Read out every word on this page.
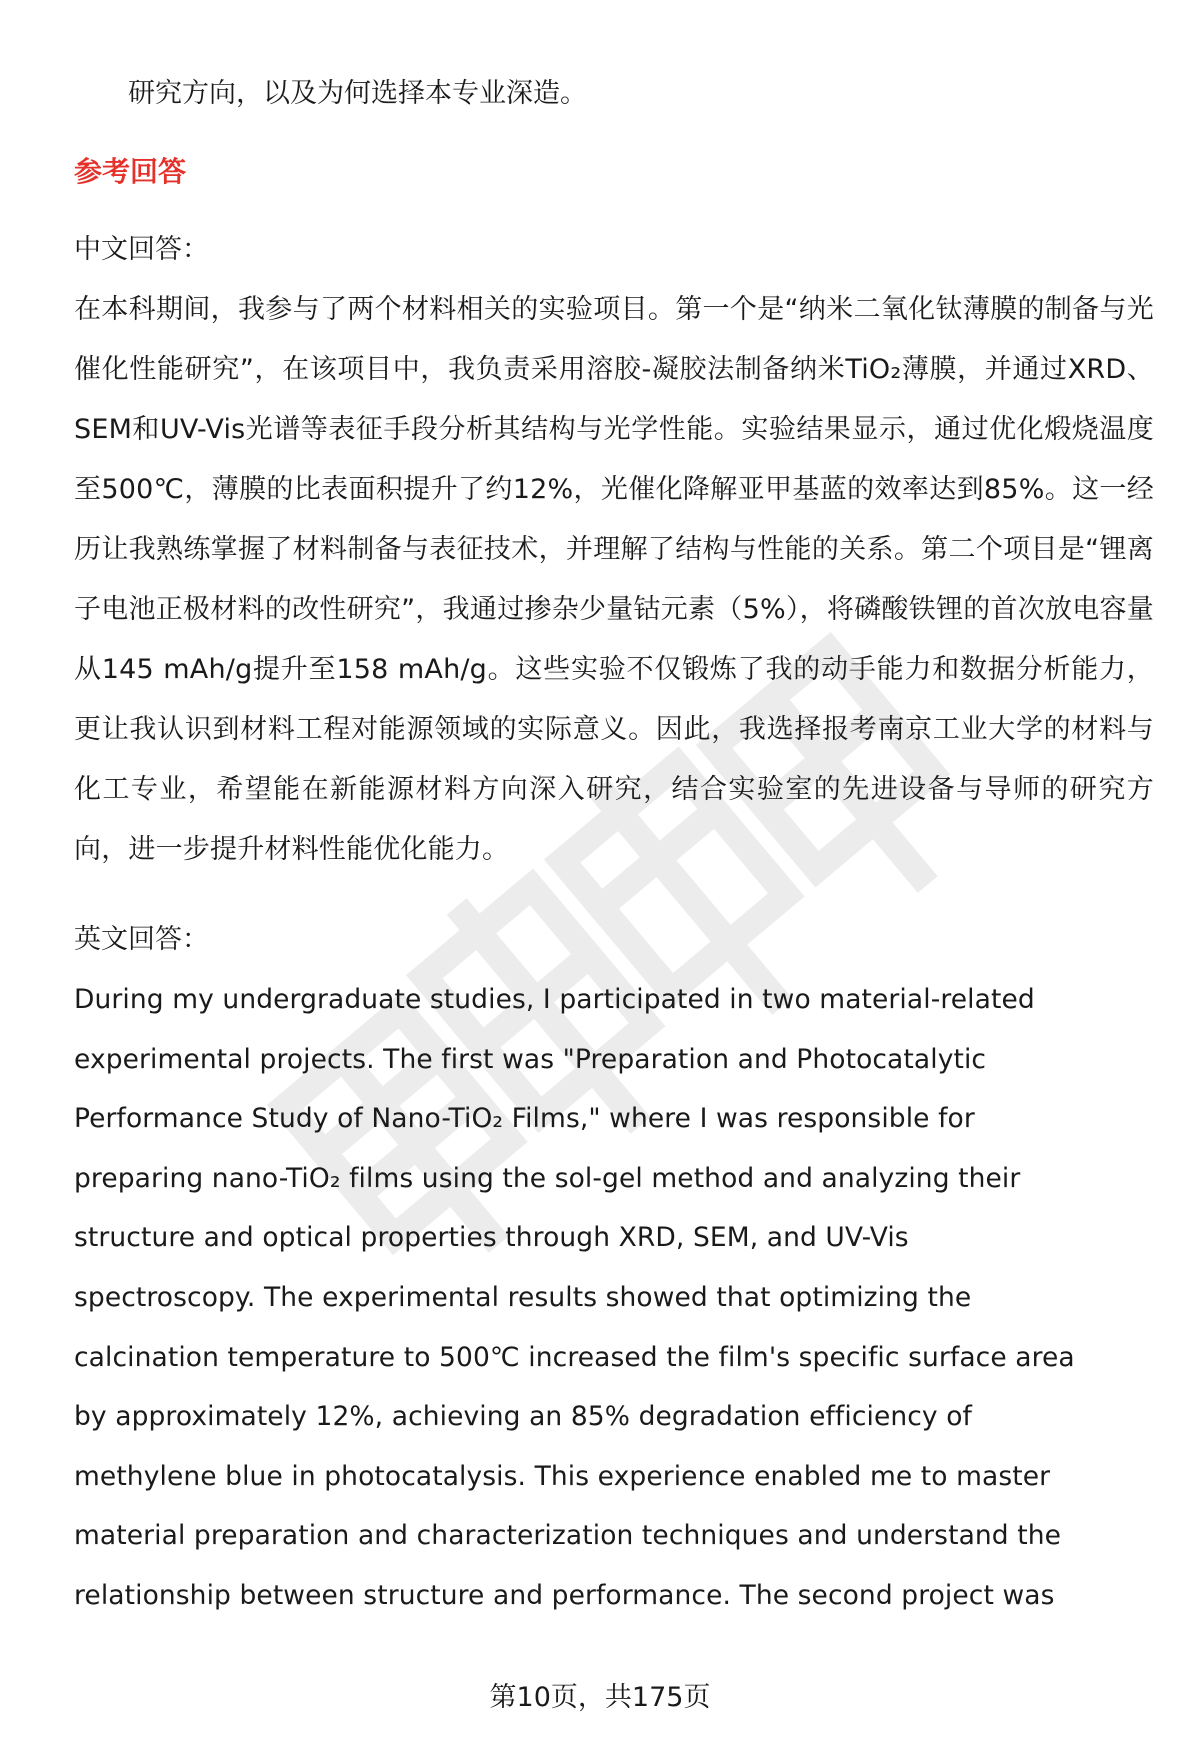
研究方向，以及为何选择本专业深造。

参考回答

中文回答：

在本科期间，我参与了两个材料相关的实验项目。第一个是“纳米二氧化钛薄膜的制备与光催化性能研究”，在该项目中，我负责采用溶胶-凝胶法制备纳米TiO₂薄膜，并通过XRD、SEM和UV-Vis光谱等表征手段分析其结构与光学性能。实验结果显示，通过优化煅烧温度至500℃，薄膜的比表面积提升了约12%，光催化降解亚甲基蓝的效率达到85%。这一经历让我熟练掌握了材料制备与表征技术，并理解了结构与性能的关系。第二个项目是“锂离子电池正极材料的改性研究”，我通过掺杂少量钴元素（5%），将磷酸铁锂的首次放电容量从145 mAh/g提升至158 mAh/g。这些实验不仅锻炼了我的动手能力和数据分析能力，更让我认识到材料工程对能源领域的实际意义。因此，我选择报考南京工业大学的材料与化工专业，希望能在新能源材料方向深入研究，结合实验室的先进设备与导师的研究方向，进一步提升材料性能优化能力。

英文回答：

During my undergraduate studies, I participated in two material-related
experimental projects. The first was "Preparation and Photocatalytic
Performance Study of Nano-TiO₂ Films," where I was responsible for
preparing nano-TiO₂ films using the sol-gel method and analyzing their
structure and optical properties through XRD, SEM, and UV-Vis
spectroscopy. The experimental results showed that optimizing the
calcination temperature to 500℃ increased the film's specific surface area
by approximately 12%, achieving an 85% degradation efficiency of
methylene blue in photocatalysis. This experience enabled me to master
material preparation and characterization techniques and understand the
relationship between structure and performance. The second project was
第10页，共175页
